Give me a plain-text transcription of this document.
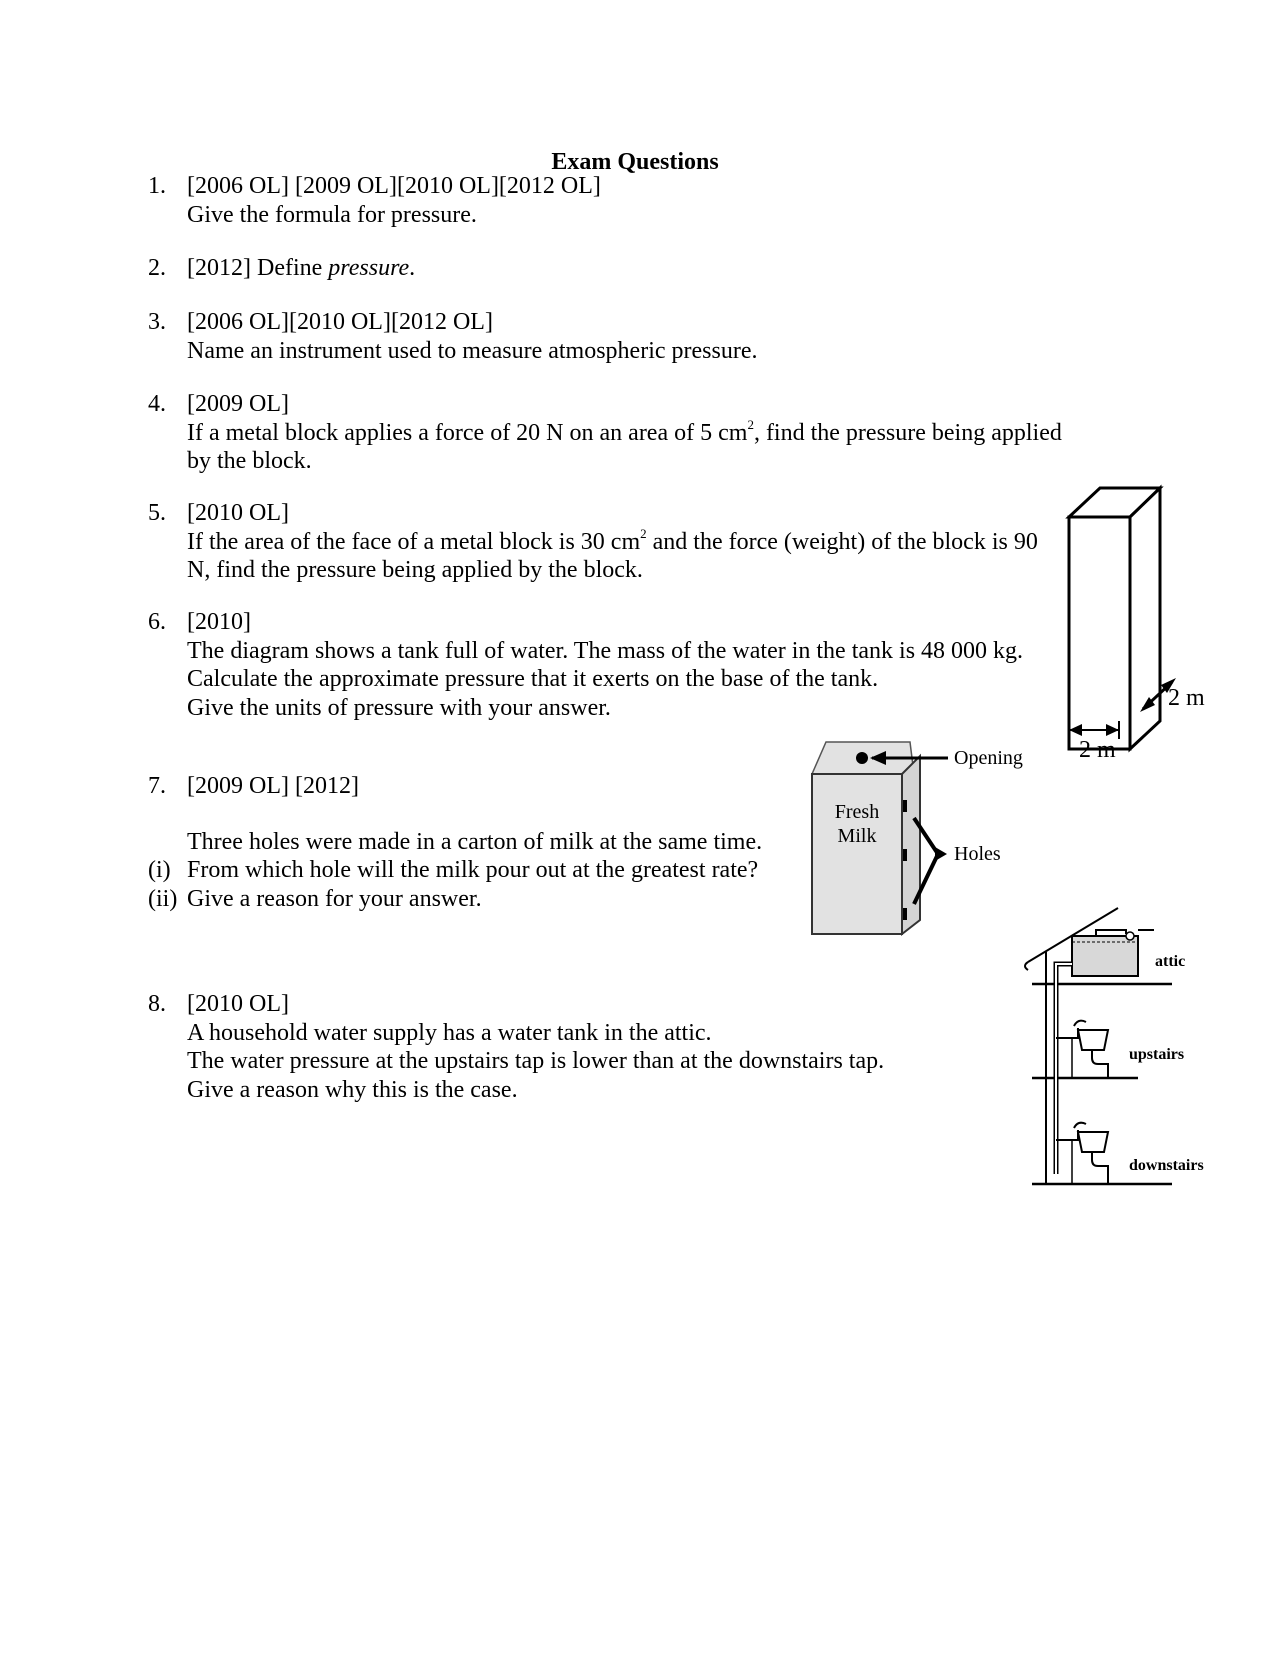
Exam Questions
1. [2006 OL] [2009 OL][2010 OL][2012 OL]
Give the formula for pressure.
2. [2012] Define pressure.
3. [2006 OL][2010 OL][2012 OL]
Name an instrument used to measure atmospheric pressure.
4. [2009 OL]
If a metal block applies a force of 20 N on an area of 5 $cm^2$, find the pressure being applied
by the block.
5. [2010 OL]
If the area of the face of a metal block is 30 $cm^2$ and the force (weight) of the block is 90
N, find the pressure being applied by the block.
6. [2010]
The diagram shows a tank full of water. The mass of the water in the tank is 48 000 kg.
Calculate the approximate pressure that it exerts on the base of the tank.
Give the units of pressure with your answer.
7. [2009 OL] [2012]
Three holes were made in a carton of milk at the same time.
(i) From which hole will the milk pour out at the greatest rate?
(ii) Give a reason for your answer.
8. [2010 OL]
A household water supply has a water tank in the attic.
The water pressure at the upstairs tap is lower than at the downstairs tap.
Give a reason why this is the case.
2 m
2 m
Fresh
Milk
Opening
Holes
attic
upstairs
downstairs
